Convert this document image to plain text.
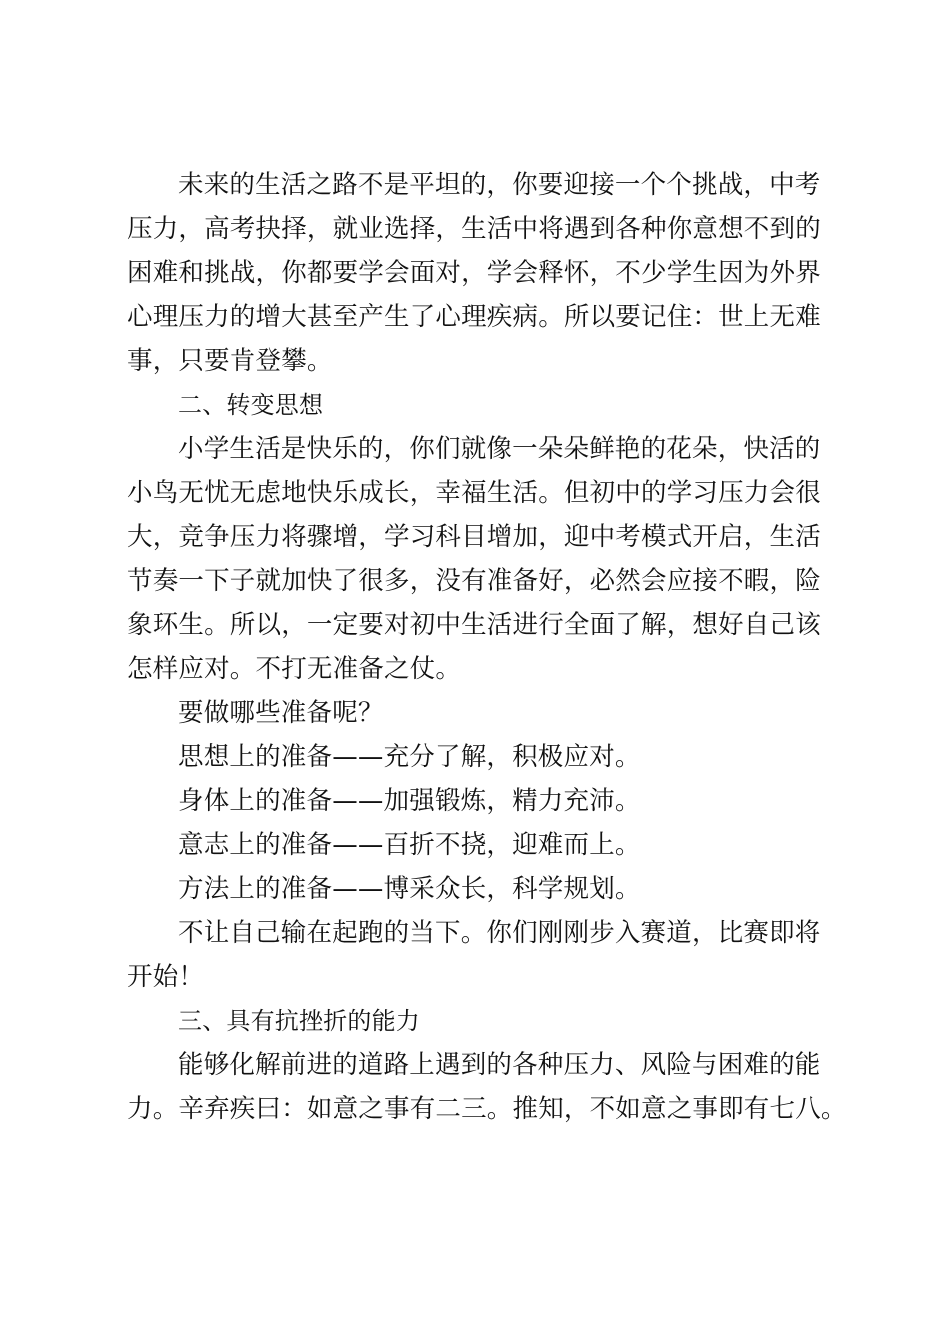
未来的生活之路不是平坦的，你要迎接一个个挑战，中考
压力，高考抉择，就业选择，生活中将遇到各种你意想不到的
困难和挑战，你都要学会面对，学会释怀，不少学生因为外界
心理压力的增大甚至产生了心理疾病。所以要记住：世上无难
事，只要肯登攀。
二、转变思想
小学生活是快乐的，你们就像一朵朵鲜艳的花朵，快活的
小鸟无忧无虑地快乐成长，幸福生活。但初中的学习压力会很
大，竞争压力将骤增，学习科目增加，迎中考模式开启，生活
节奏一下子就加快了很多，没有准备好，必然会应接不暇，险
象环生。所以，一定要对初中生活进行全面了解，想好自己该
怎样应对。不打无准备之仗。
要做哪些准备呢？
思想上的准备——充分了解，积极应对。
身体上的准备——加强锻炼，精力充沛。
意志上的准备——百折不挠，迎难而上。
方法上的准备——博采众长，科学规划。
不让自己输在起跑的当下。你们刚刚步入赛道，比赛即将
开始！
三、具有抗挫折的能力
能够化解前进的道路上遇到的各种压力、风险与困难的能
力。辛弃疾曰：如意之事有二三。推知，不如意之事即有七八。
